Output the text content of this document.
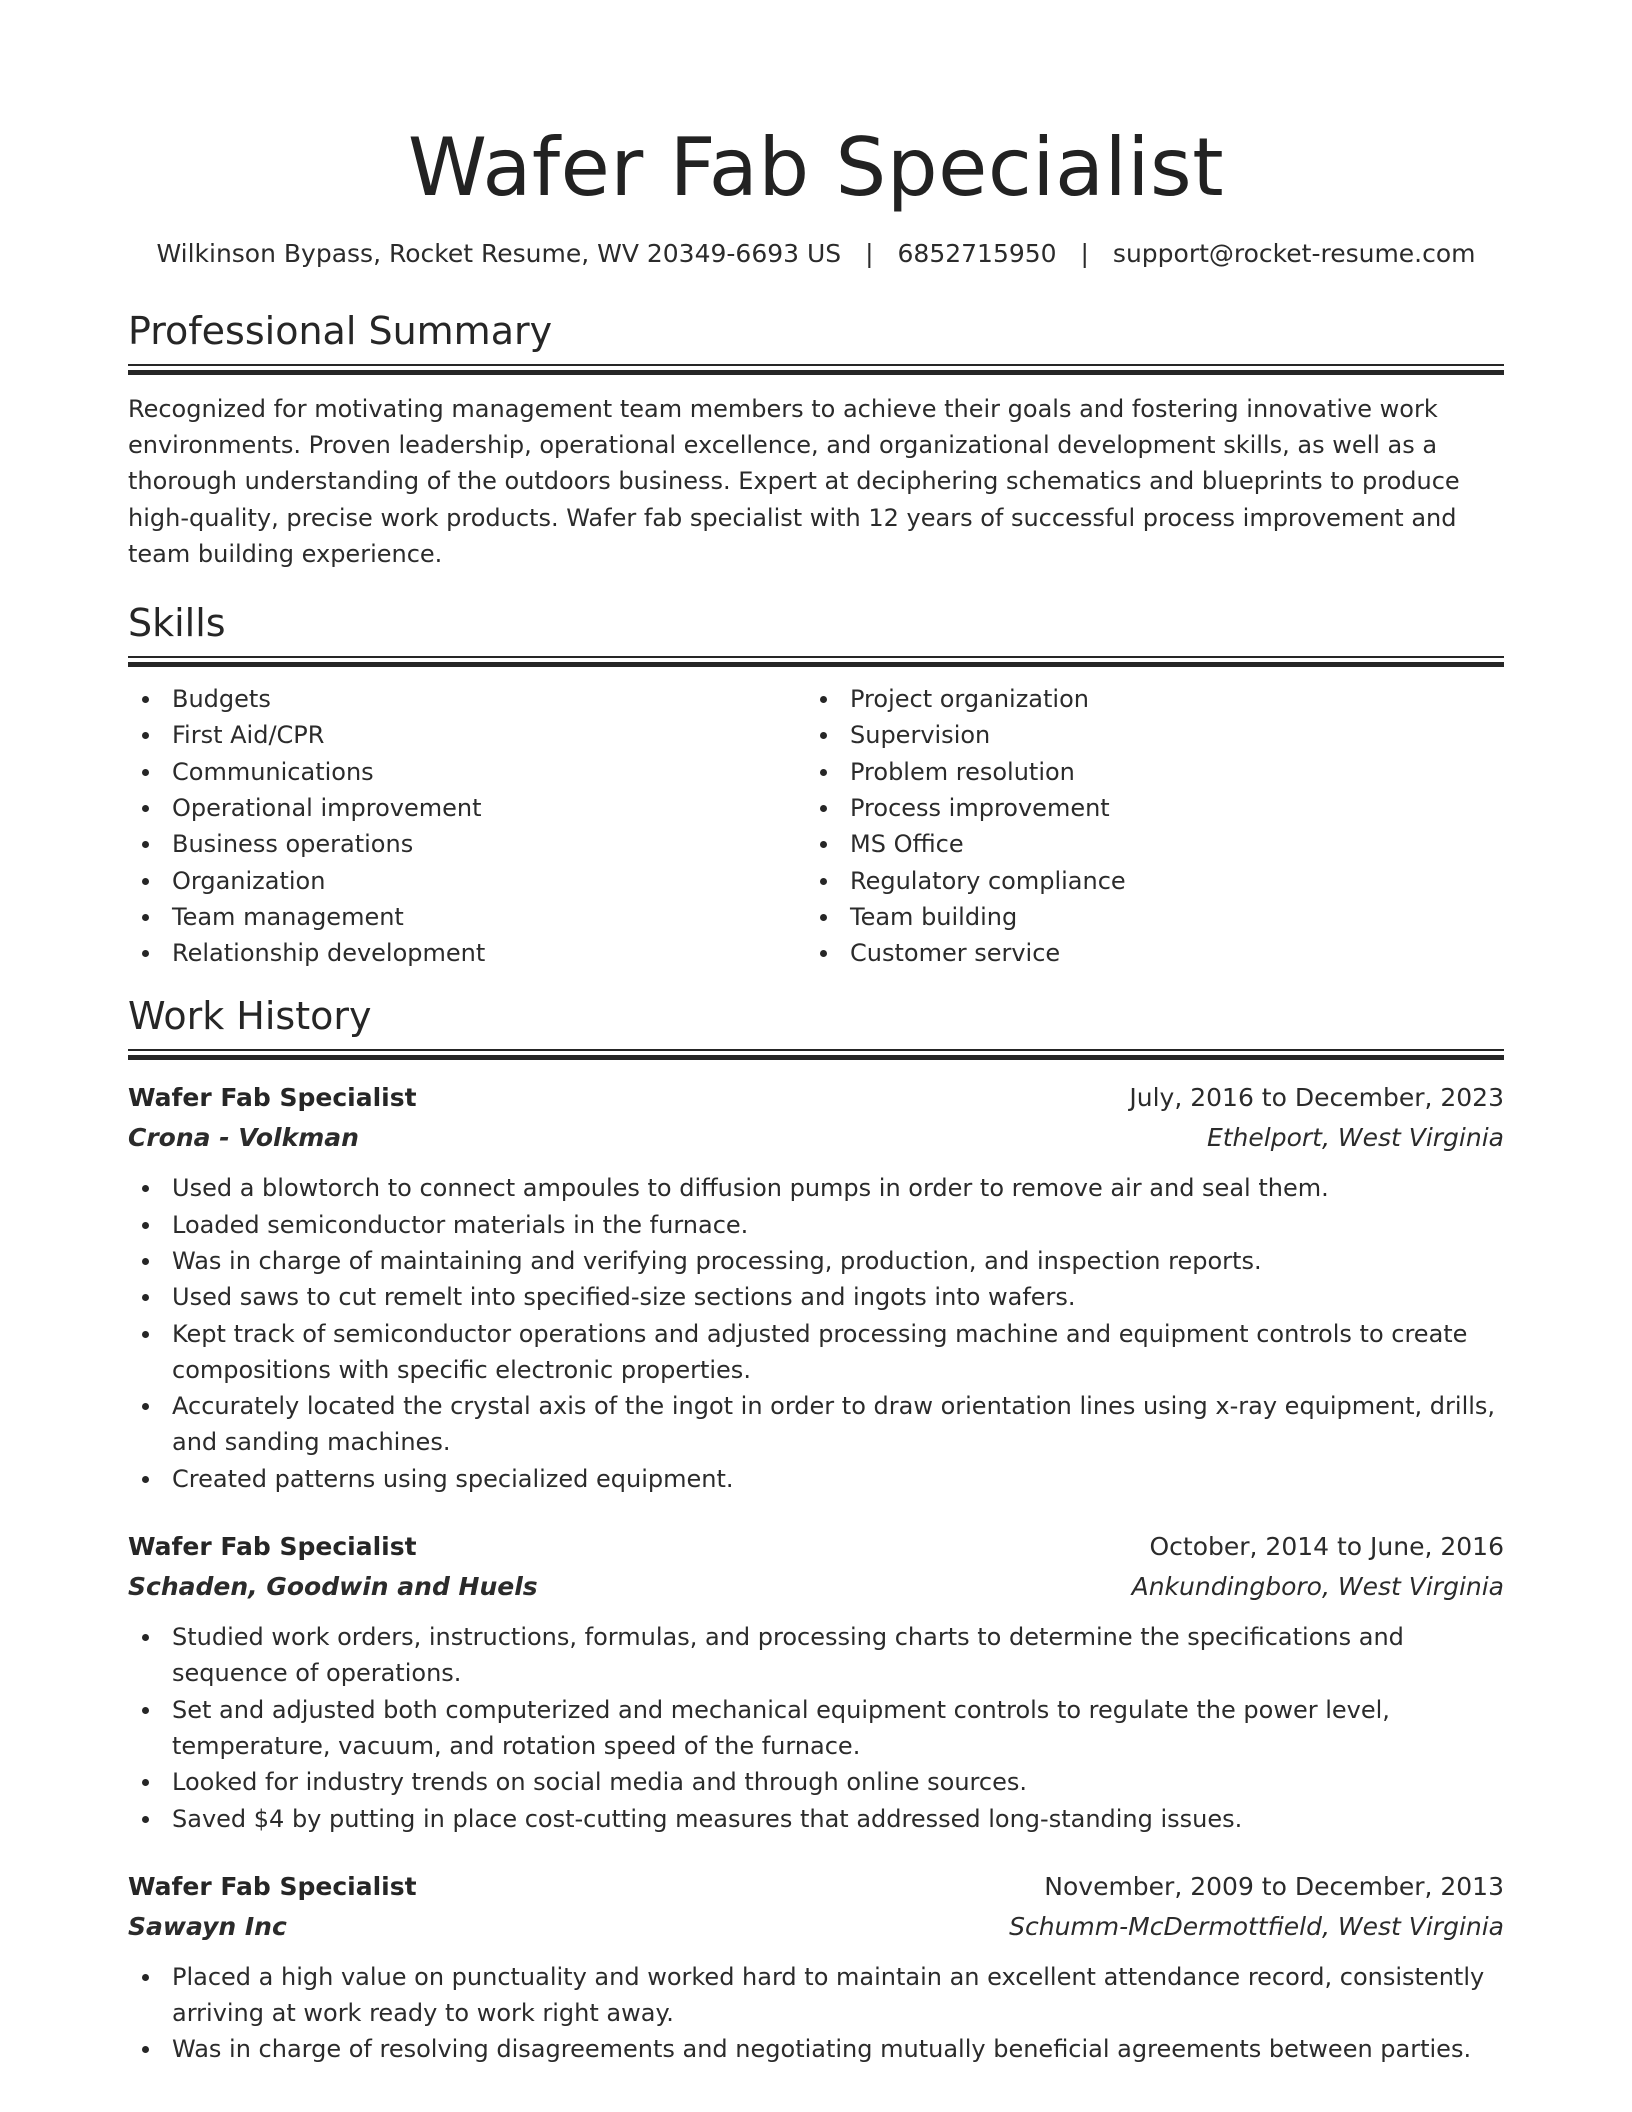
Wafer Fab Specialist
Wilkinson Bypass, Rocket Resume, WV 20349-6693 US | 6852715950 | support@rocket-resume.com
Professional Summary

Recognized for motivating management team members to achieve their goals and fostering innovative work environments. Proven leadership, operational excellence, and organizational development skills, as well as a thorough understanding of the outdoors business. Expert at deciphering schematics and blueprints to produce high-quality, precise work products. Wafer fab specialist with 12 years of successful process improvement and team building experience.

Skills
Budgets
First Aid/CPR
Communications
Operational improvement
Business operations
Organization
Team management
Relationship development
Project organization
Supervision
Problem resolution
Process improvement
MS Office
Regulatory compliance
Team building
Customer service
Work History
Wafer Fab Specialist	July, 2016 to December, 2023
Crona - Volkman	Ethelport, West Virginia
Used a blowtorch to connect ampoules to diffusion pumps in order to remove air and seal them.
Loaded semiconductor materials in the furnace.
Was in charge of maintaining and verifying processing, production, and inspection reports.
Used saws to cut remelt into specified-size sections and ingots into wafers.
Kept track of semiconductor operations and adjusted processing machine and equipment controls to create compositions with specific electronic properties.
Accurately located the crystal axis of the ingot in order to draw orientation lines using x-ray equipment, drills, and sanding machines.
Created patterns using specialized equipment.
Wafer Fab Specialist	October, 2014 to June, 2016
Schaden, Goodwin and Huels	Ankundingboro, West Virginia
Studied work orders, instructions, formulas, and processing charts to determine the specifications and sequence of operations.
Set and adjusted both computerized and mechanical equipment controls to regulate the power level, temperature, vacuum, and rotation speed of the furnace.
Looked for industry trends on social media and through online sources.
Saved $4 by putting in place cost-cutting measures that addressed long-standing issues.
Wafer Fab Specialist	November, 2009 to December, 2013
Sawayn Inc	Schumm-McDermottfield, West Virginia
Placed a high value on punctuality and worked hard to maintain an excellent attendance record, consistently arriving at work ready to work right away.
Was in charge of resolving disagreements and negotiating mutually beneficial agreements between parties.
